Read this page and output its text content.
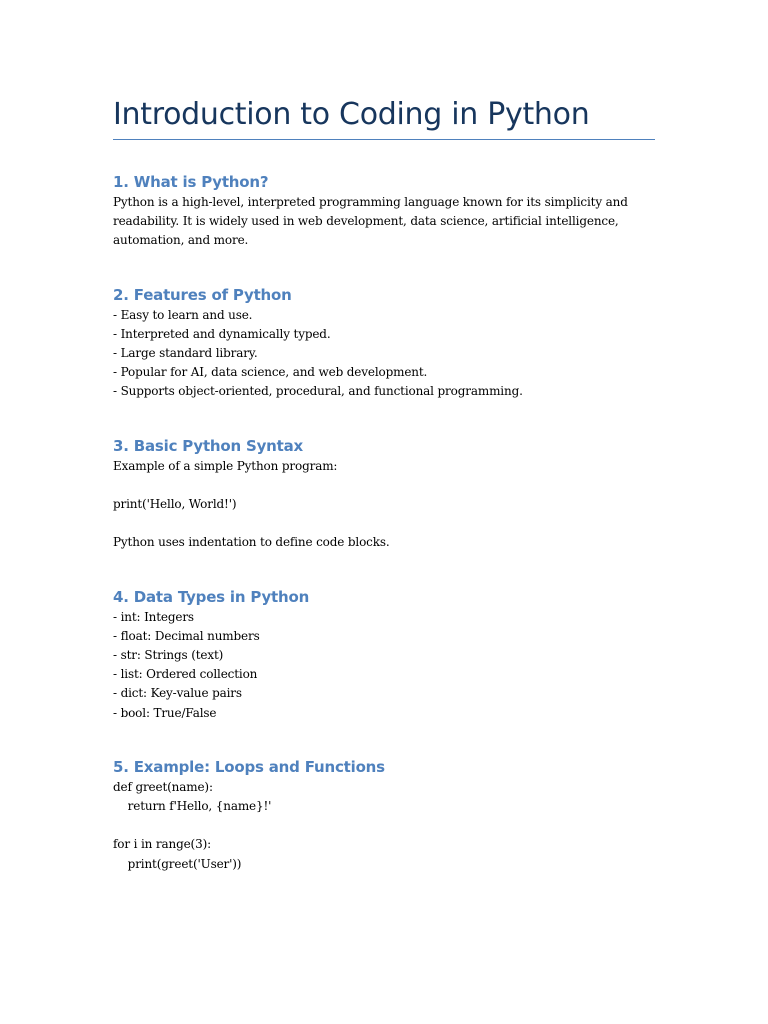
Introduction to Coding in Python
1. What is Python?

Python is a high-level, interpreted programming language known for its simplicity and readability. It is widely used in web development, data science, artificial intelligence, automation, and more.

2. Features of Python

- Easy to learn and use.

- Interpreted and dynamically typed.

- Large standard library.

- Popular for AI, data science, and web development.

- Supports object-oriented, procedural, and functional programming.

3. Basic Python Syntax

Example of a simple Python program:

print('Hello, World!')

Python uses indentation to define code blocks.

4. Data Types in Python

- int: Integers

- float: Decimal numbers

- str: Strings (text)

- list: Ordered collection

- dict: Key-value pairs

- bool: True/False

5. Example: Loops and Functions

def greet(name):

return f'Hello, {name}!'

for i in range(3):

print(greet('User'))
